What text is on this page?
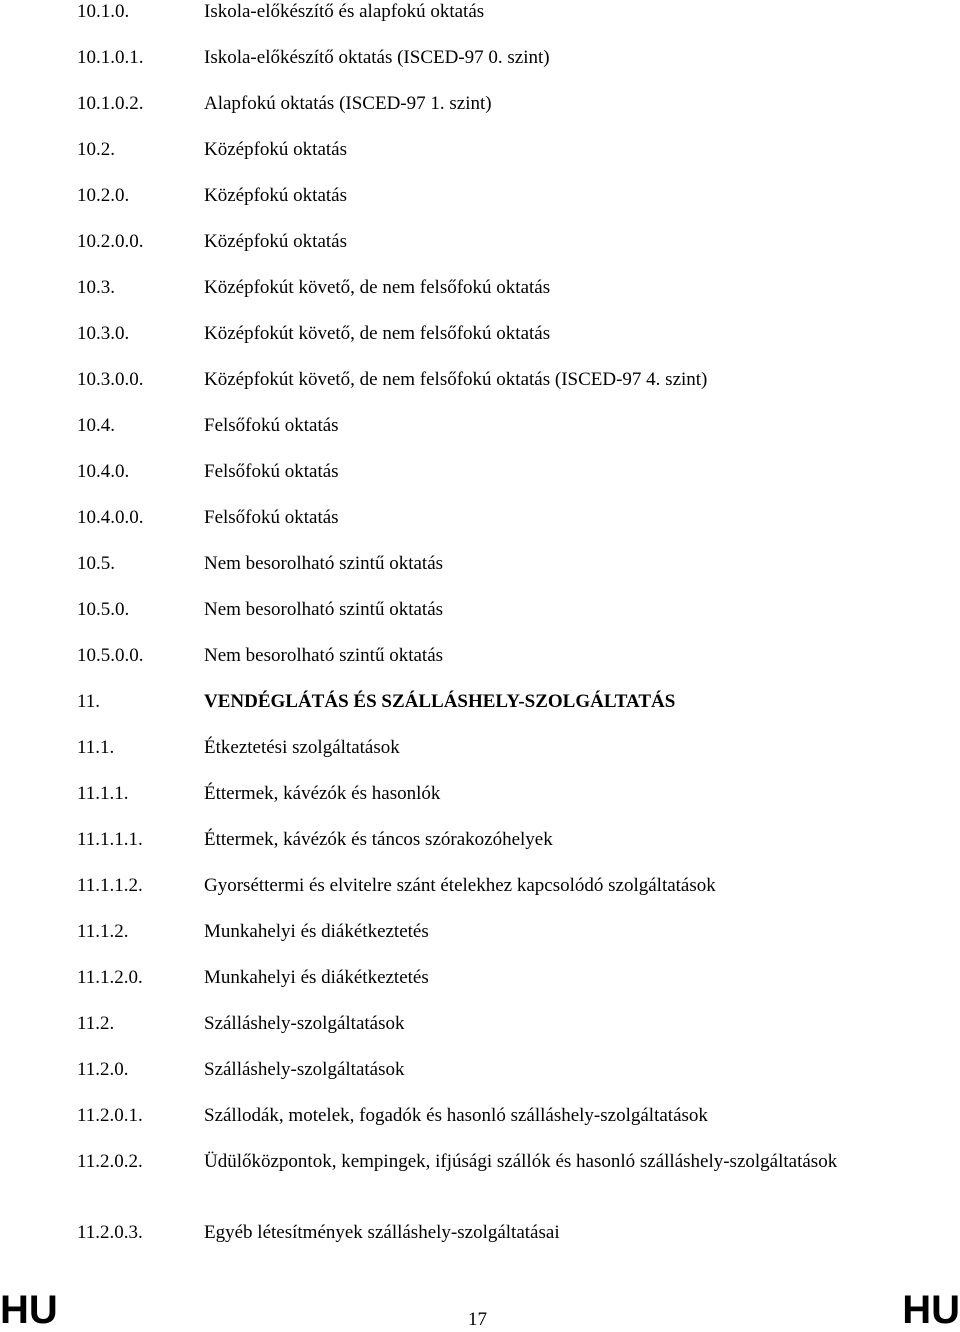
10.1.0.	Iskola-előkészítő és alapfokú oktatás
10.1.0.1.	Iskola-előkészítő oktatás (ISCED-97 0. szint)
10.1.0.2.	Alapfokú oktatás (ISCED-97 1. szint)
10.2.	Középfokú oktatás
10.2.0.	Középfokú oktatás
10.2.0.0.	Középfokú oktatás
10.3.	Középfokút követő, de nem felsőfokú oktatás
10.3.0.	Középfokút követő, de nem felsőfokú oktatás
10.3.0.0.	Középfokút követő, de nem felsőfokú oktatás (ISCED-97 4. szint)
10.4.	Felsőfokú oktatás
10.4.0.	Felsőfokú oktatás
10.4.0.0.	Felsőfokú oktatás
10.5.	Nem besorolható szintű oktatás
10.5.0.	Nem besorolható szintű oktatás
10.5.0.0.	Nem besorolható szintű oktatás
11.	VENDÉGLÁTÁS ÉS SZÁLLÁSHELY-SZOLGÁLTATÁS
11.1.	Étkeztetési szolgáltatások
11.1.1.	Éttermek, kávézók és hasonlók
11.1.1.1.	Éttermek, kávézók és táncos szórakozóhelyek
11.1.1.2.	Gyorséttermi és elvitelre szánt ételekhez kapcsolódó szolgáltatások
11.1.2.	Munkahelyi és diákétkeztetés
11.1.2.0.	Munkahelyi és diákétkeztetés
11.2.	Szálláshely-szolgáltatások
11.2.0.	Szálláshely-szolgáltatások
11.2.0.1.	Szállodák, motelek, fogadók és hasonló szálláshely-szolgáltatások
11.2.0.2.	Üdülőközpontok, kempingek, ifjúsági szállók és hasonló szálláshely-szolgáltatások
11.2.0.3.	Egyéb létesítmények szálláshely-szolgáltatásai
HU	17	HU
